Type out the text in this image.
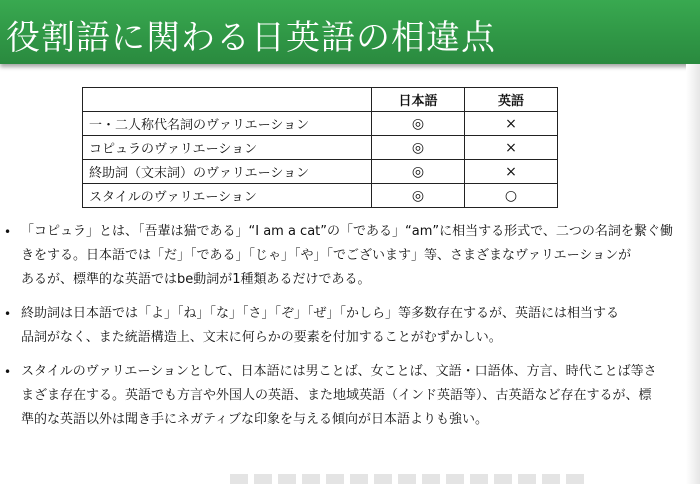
役割語に関わる日英語の相違点
	日本語	英語
一・二人称代名詞のヴァリエーション	◎	×
コピュラのヴァリエーション	◎	×
終助詞（文末詞）のヴァリエーション	◎	×
スタイルのヴァリエーション	◎	○
• 「コピュラ」とは、「吾輩は猫である」“I am a cat”の「である」“am”に相当する形式で、二つの名詞を繋ぐ働
きをする。日本語では「だ」「である」「じゃ」「や」「でございます」等、さまざまなヴァリエーションが
あるが、標準的な英語ではbe動詞が1種類あるだけである。
• 終助詞は日本語では「よ」「ね」「な」「さ」「ぞ」「ぜ」「かしら」等多数存在するが、英語には相当する
品詞がなく、また統語構造上、文末に何らかの要素を付加することがむずかしい。
• スタイルのヴァリエーションとして、日本語には男ことば、女ことば、文語・口語体、方言、時代ことば等さ
まざま存在する。英語でも方言や外国人の英語、また地域英語（インド英語等）、古英語など存在するが、標
準的な英語以外は聞き手にネガティブな印象を与える傾向が日本語よりも強い。
